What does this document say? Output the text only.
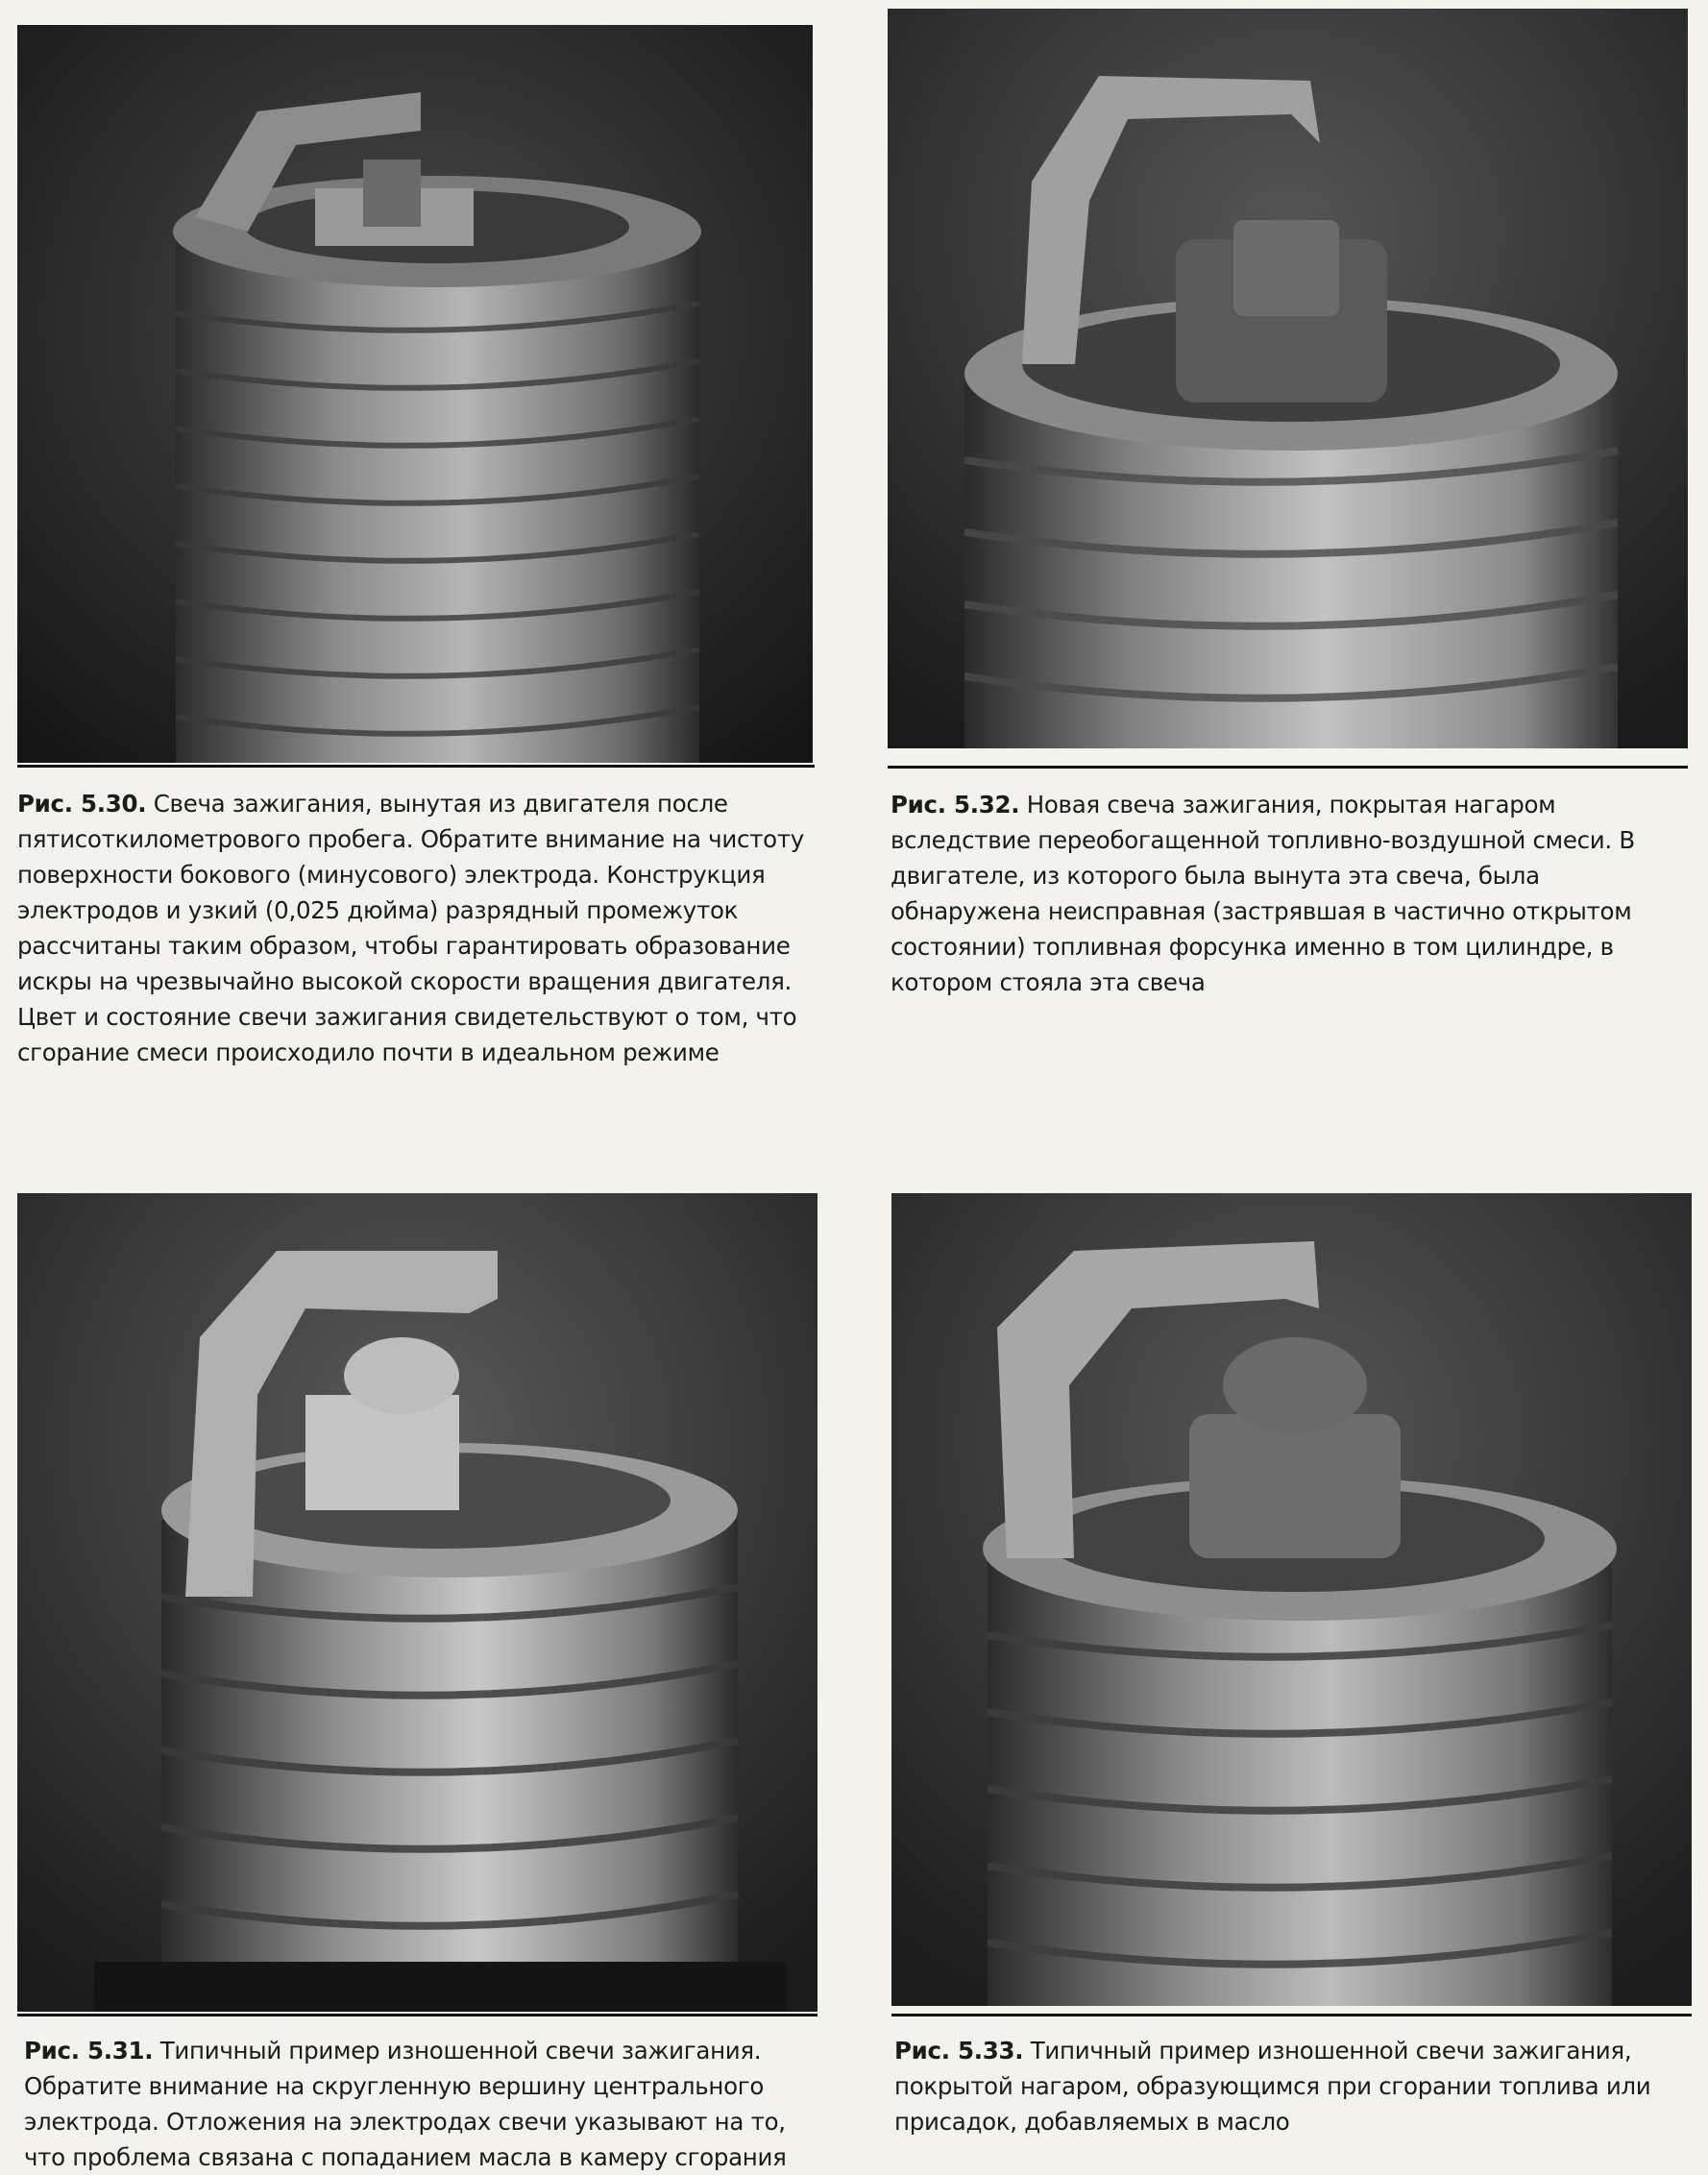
Рис. 5.30. Свеча зажигания, вынутая из двигателя после пятисоткилометрового пробега. Обратите внимание на чистоту поверхности бокового (минусового) электрода. Конструкция электродов и узкий (0,025 дюйма) разрядный промежуток рассчитаны таким образом, чтобы гарантировать образование искры на чрезвычайно высокой скорости вращения двигателя. Цвет и состояние свечи зажигания свидетельствуют о том, что сгорание смеси происходило почти в идеальном режиме
Рис. 5.32. Новая свеча зажигания, покрытая нагаром вследствие переобогащенной топливно-воздушной смеси. В двигателе, из которого была вынута эта свеча, была обнаружена неисправная (застрявшая в частично открытом состоянии) топливная форсунка именно в том цилиндре, в котором стояла эта свеча
Рис. 5.31. Типичный пример изношенной свечи зажигания. Обратите внимание на скругленную вершину центрального электрода. Отложения на электродах свечи указывают на то, что проблема связана с попаданием масла в камеру сгорания
Рис. 5.33. Типичный пример изношенной свечи зажигания, покрытой нагаром, образующимся при сгорании топлива или присадок, добавляемых в масло
